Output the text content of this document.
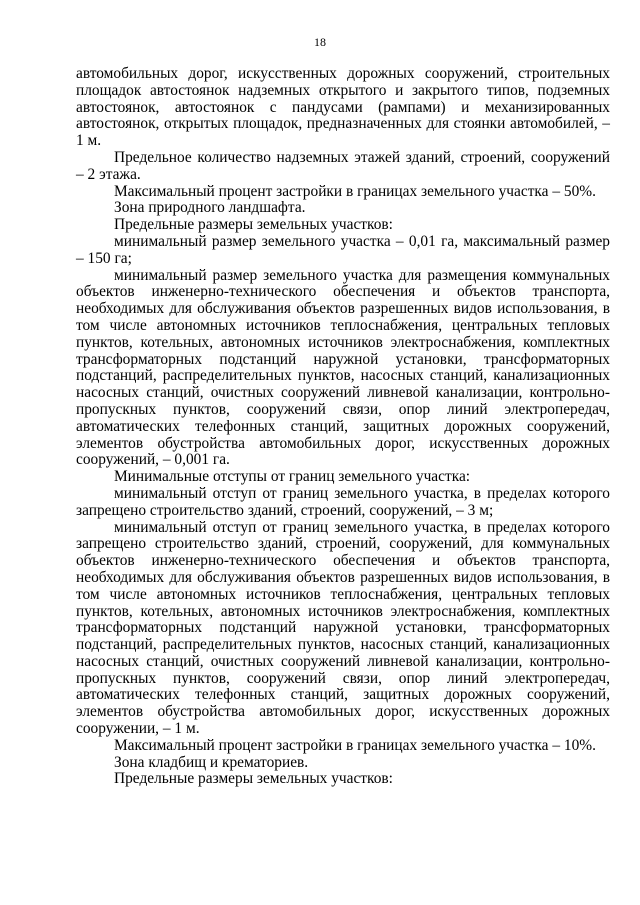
18

автомобильных дорог, искусственных дорожных сооружений, строительных площадок автостоянок надземных открытого и закрытого типов, подземных автостоянок, автостоянок с пандусами (рампами) и механизированных автостоянок, открытых площадок, предназначенных для стоянки автомобилей, – 1 м.

Предельное количество надземных этажей зданий, строений, сооружений – 2 этажа.

Максимальный процент застройки в границах земельного участка – 50%.

Зона природного ландшафта.

Предельные размеры земельных участков:

минимальный размер земельного участка – 0,01 га, максимальный размер – 150 га;

минимальный размер земельного участка для размещения коммунальных объектов инженерно-технического обеспечения и объектов транспорта, необходимых для обслуживания объектов разрешенных видов использования, в том числе автономных источников теплоснабжения, центральных тепловых пунктов, котельных, автономных источников электроснабжения, комплектных трансформаторных подстанций наружной установки, трансформаторных подстанций, распределительных пунктов, насосных станций, канализационных насосных станций, очистных сооружений ливневой канализации, контрольно-пропускных пунктов, сооружений связи, опор линий электропередач, автоматических телефонных станций, защитных дорожных сооружений, элементов обустройства автомобильных дорог, искусственных дорожных сооружений, – 0,001 га.

Минимальные отступы от границ земельного участка:

минимальный отступ от границ земельного участка, в пределах которого запрещено строительство зданий, строений, сооружений, – 3 м;

минимальный отступ от границ земельного участка, в пределах которого запрещено строительство зданий, строений, сооружений, для коммунальных объектов инженерно-технического обеспечения и объектов транспорта, необходимых для обслуживания объектов разрешенных видов использования, в том числе автономных источников теплоснабжения, центральных тепловых пунктов, котельных, автономных источников электроснабжения, комплектных трансформаторных подстанций наружной установки, трансформаторных подстанций, распределительных пунктов, насосных станций, канализационных насосных станций, очистных сооружений ливневой канализации, контрольно-пропускных пунктов, сооружений связи, опор линий электропередач, автоматических телефонных станций, защитных дорожных сооружений, элементов обустройства автомобильных дорог, искусственных дорожных сооружении, – 1 м.

Максимальный процент застройки в границах земельного участка – 10%.

Зона кладбищ и крематориев.

Предельные размеры земельных участков:
